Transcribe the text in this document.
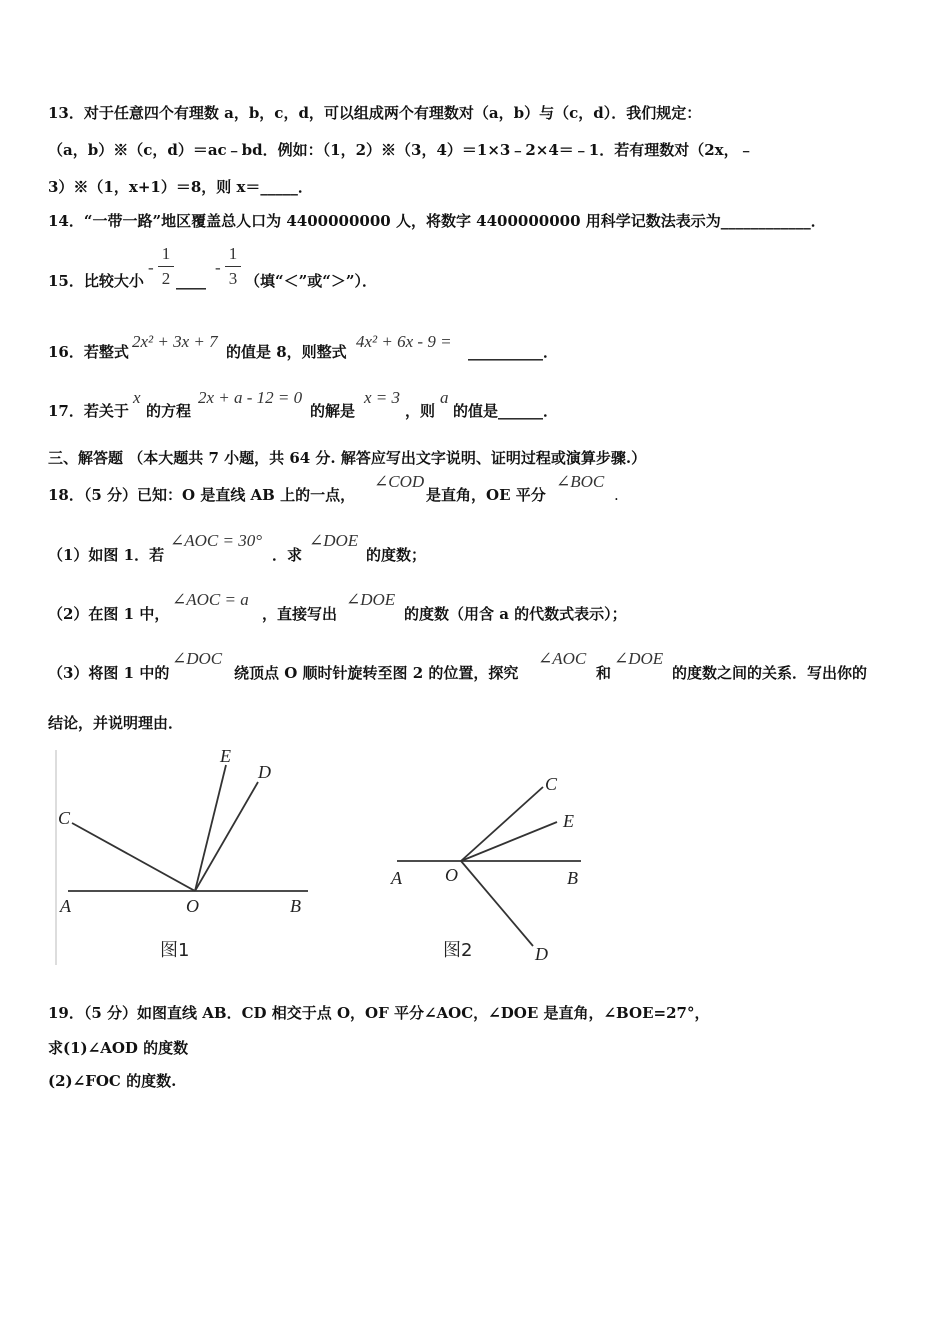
13．对于任意四个有理数 a，b，c，d，可以组成两个有理数对（a，b）与（c，d）．我们规定：
（a，b）※（c，d）＝ac﹣bd．例如：（1，2）※（3，4）＝1×3﹣2×4＝﹣1．若有理数对（2x，﹣
3）※（1，x+1）＝8，则 x＝_____．
14．“一带一路”地区覆盖总人口为 4400000000 人，将数字 4400000000 用科学记数法表示为____________．
15．比较大小
- $\frac{1}{2}$ ____
- $\frac{1}{3}$ （填“＜”或“＞”）．
16．若整式
2x² + 3x + 7
的值是 8，则整式
4x² + 6x - 9 =
__________．
17．若关于
x
的方程
2x + a - 12 = 0
的解是
x = 3
，则
a
的值是______．
三、解答题 （本大题共 7 小题，共 64 分. 解答应写出文字说明、证明过程或演算步骤.）
18．（5 分）已知：O 是直线 AB 上的一点，
∠COD
是直角，OE 平分
∠BOC
.
（1）如图 1．若
∠AOC = 30°
．求
∠DOE
的度数；
（2）在图 1 中，
∠AOC = a
，直接写出
∠DOE
的度数（用含 a 的代数式表示）；
（3）将图 1 中的
∠DOC
绕顶点 O 顺时针旋转至图 2 的位置，探究
∠AOC
和
∠DOE
的度数之间的关系．写出你的
结论，并说明理由．
E
D
C
A	O	B
图1
C
E
A O	B
D
图2
19．（5 分）如图直线 AB．CD 相交于点 O，OF 平分∠AOC，∠DOE 是直角，∠BOE=27°，
求(1)∠AOD 的度数
(2)∠FOC 的度数.
